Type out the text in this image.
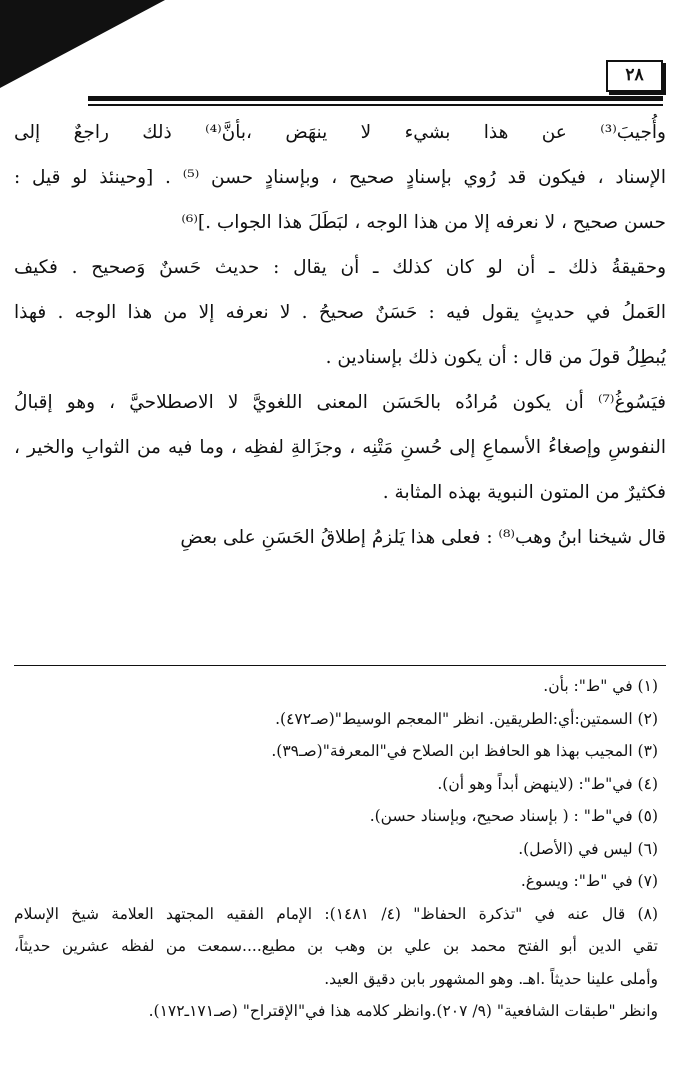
٢٨
وأُجيبَ⁽³⁾ عن هذا بشيء لا ينهَض ،بأنَّ⁽⁴⁾ ذلك راجعٌ إلى
الإسناد ، فيكون قد رُوي بإسنادٍ صحيح ، وبإسنادٍ حسن ⁽⁵⁾ . [وحينئذ لو قيل :
حسن صحيح ، لا نعرفه إلا من هذا الوجه ، لبَطَلَ هذا الجواب .]⁽⁶⁾
وحقيقةُ ذلك ـ أن لو كان كذلك ـ أن يقال : حديث حَسنٌ وَصحيح . فكيف
العَملُ في حديثٍ يقول فيه : حَسَنٌ صحيحُ . لا نعرفه إلا من هذا الوجه . فهذا
يُبطِلُ قولَ من قال : أن يكون ذلك بإسنادين .
فيَسُوغُ⁽⁷⁾ أن يكون مُرادُه بالحَسَن المعنى اللغويَّ لا الاصطلاحيَّ ، وهو إقبالُ
النفوسِ وإصغاءُ الأسماعِ إلى حُسنِ مَتْنِه ، وجزَالةِ لفظِه ، وما فيه من الثوابِ والخير ،
فكثيرٌ من المتون النبوية بهذه المثابة .
قال شيخنا ابنُ وهب⁽⁸⁾ : فعلى هذا يَلزمُ إطلاقُ الحَسَنِ على بعضِ
(١) في "ط": بأن.
(٢) السمتين:أي:الطريقين. انظر "المعجم الوسيط"(صـ٤٧٢).
(٣) المجيب بهذا هو الحافظ ابن الصلاح في"المعرفة"(صـ٣٩).
(٤) في"ط": (لاينهض أبداً وهو أن).
(٥) في"ط" : ( بإسناد صحيح، وبإسناد حسن).
(٦) ليس في (الأصل).
(٧) في "ط": ويسوغ.
(٨) قال عنه في "تذكرة الحفاظ" (٤/ ١٤٨١): الإمام الفقيه المجتهد العلامة شيخ الإسلام
تقي الدين أبو الفتح محمد بن علي بن وهب بن مطيع....سمعت من لفظه عشرين حديثاً،
وأملى علينا حديثاً .اهـ. وهو المشهور بابن دقيق العيد.
وانظر "طبقات الشافعية" (٩/ ٢٠٧).وانظر كلامه هذا في"الإقتراح" (صـ١٧١ـ١٧٢).
